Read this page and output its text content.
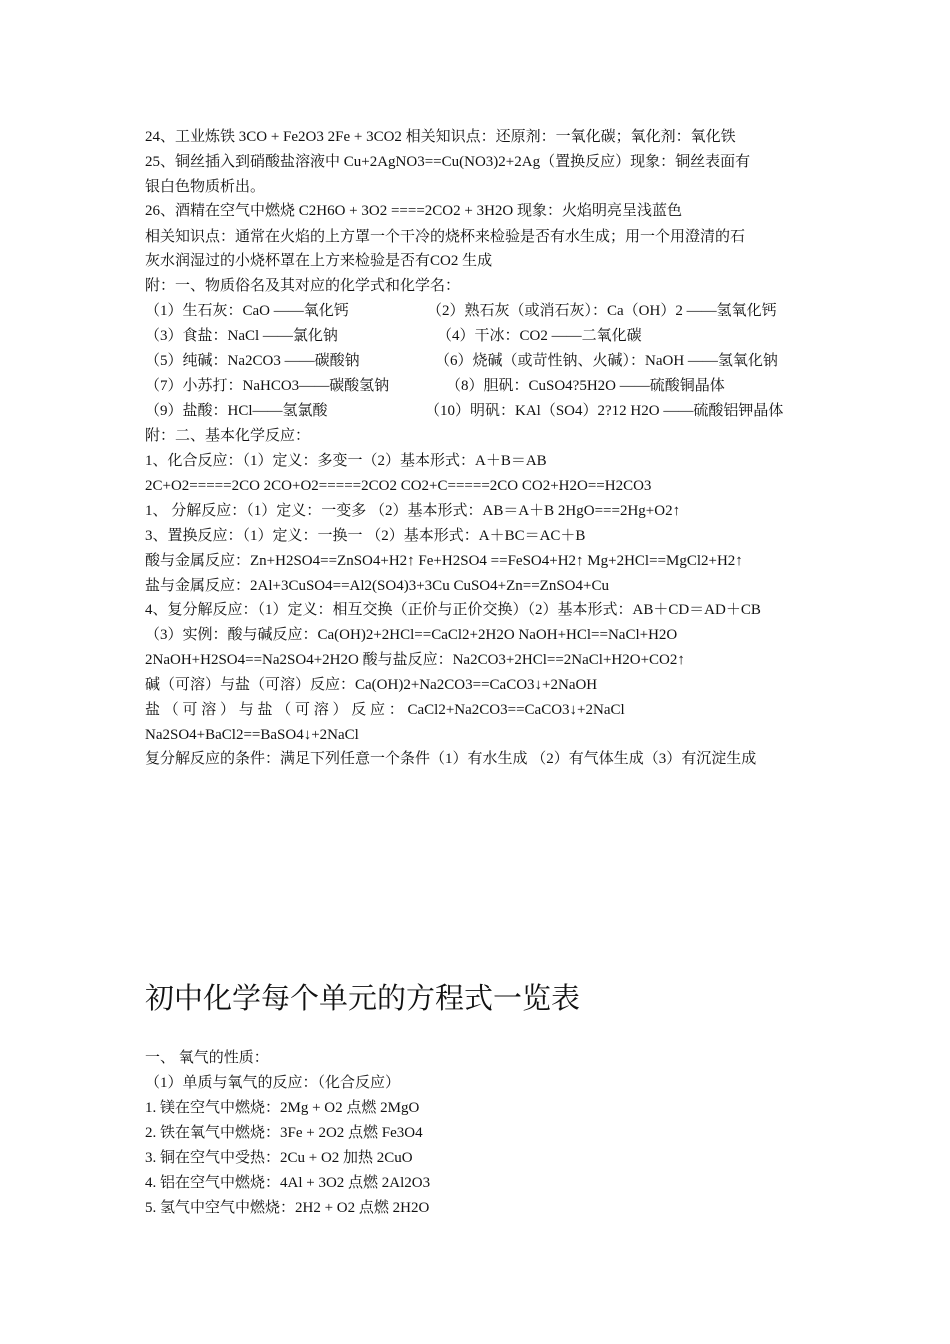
24、工业炼铁 3CO + Fe2O3 2Fe + 3CO2 相关知识点：还原剂：一氧化碳；氧化剂：氧化铁

25、铜丝插入到硝酸盐溶液中 Cu+2AgNO3==Cu(NO3)2+2Ag（置换反应）现象：铜丝表面有

银白色物质析出。

26、酒精在空气中燃烧 C2H6O + 3O2 ====2CO2 + 3H2O 现象：火焰明亮呈浅蓝色

相关知识点：通常在火焰的上方罩一个干冷的烧杯来检验是否有水生成；用一个用澄清的石

灰水润湿过的小烧杯罩在上方来检验是否有CO2 生成

附：一、物质俗名及其对应的化学式和化学名：

（1）生石灰：CaO ——氧化钙	（2）熟石灰（或消石灰）：Ca（OH）2 ——氢氧化钙

（3）食盐：NaCl ——氯化钠	（4）干冰：CO2 ——二氧化碳

（5）纯碱：Na2CO3 ——碳酸钠	（6）烧碱（或苛性钠、火碱）：NaOH ——氢氧化钠

（7）小苏打：NaHCO3——碳酸氢钠	（8）胆矾：CuSO4?5H2O ——硫酸铜晶体

（9）盐酸：HCl——氢氯酸	（10）明矾：KAl（SO4）2?12 H2O ——硫酸铝钾晶体

附：二、基本化学反应：

1、化合反应：（1）定义：多变一（2）基本形式：A＋B＝AB

2C+O2=====2CO 2CO+O2=====2CO2 CO2+C=====2CO CO2+H2O==H2CO3

1、 分解反应：（1）定义：一变多 （2）基本形式：AB＝A＋B 2HgO===2Hg+O2↑

3、置换反应：（1）定义：一换一 （2）基本形式：A＋BC＝AC＋B

酸与金属反应：Zn+H2SO4==ZnSO4+H2↑ Fe+H2SO4 ==FeSO4+H2↑ Mg+2HCl==MgCl2+H2↑

盐与金属反应：2Al+3CuSO4==Al2(SO4)3+3Cu CuSO4+Zn==ZnSO4+Cu

4、复分解反应：（1）定义：相互交换（正价与正价交换）（2）基本形式：AB＋CD＝AD＋CB

（3）实例：酸与碱反应：Ca(OH)2+2HCl==CaCl2+2H2O NaOH+HCl==NaCl+H2O

2NaOH+H2SO4==Na2SO4+2H2O 酸与盐反应：Na2CO3+2HCl==2NaCl+H2O+CO2↑

碱（可溶）与盐（可溶）反应：Ca(OH)2+Na2CO3==CaCO3↓+2NaOH

盐 （ 可 溶 ） 与 盐 （ 可 溶 ） 反 应 ： CaCl2+Na2CO3==CaCO3↓+2NaCl

Na2SO4+BaCl2==BaSO4↓+2NaCl

复分解反应的条件：满足下列任意一个条件（1）有水生成 （2）有气体生成（3）有沉淀生成

初中化学每个单元的方程式一览表

一、 氧气的性质：

（1）单质与氧气的反应：（化合反应）

1. 镁在空气中燃烧：2Mg + O2 点燃 2MgO

2. 铁在氧气中燃烧：3Fe + 2O2 点燃 Fe3O4

3. 铜在空气中受热：2Cu + O2 加热 2CuO

4. 铝在空气中燃烧：4Al + 3O2 点燃 2Al2O3

5. 氢气中空气中燃烧：2H2 + O2 点燃 2H2O
